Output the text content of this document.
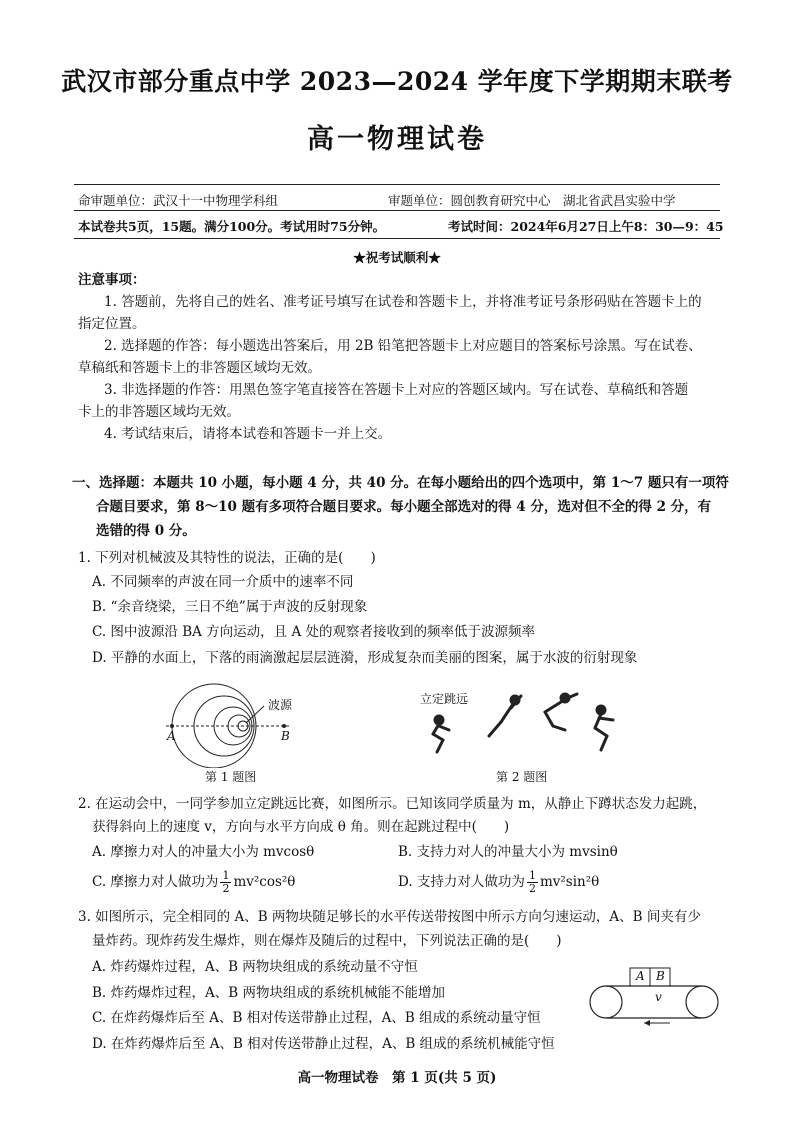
武汉市部分重点中学 2023—2024 学年度下学期期末联考
高一物理试卷
命审题单位：武汉十一中物理学科组	审题单位：圆创教育研究中心　湖北省武昌实验中学
本试卷共5页，15题。满分100分。考试用时75分钟。	考试时间：2024年6月27日上午8：30—9：45
★祝考试顺利★
注意事项：
1. 答题前，先将自己的姓名、准考证号填写在试卷和答题卡上，并将准考证号条形码贴在答题卡上的
指定位置。
2. 选择题的作答：每小题选出答案后，用 2B 铅笔把答题卡上对应题目的答案标号涂黑。写在试卷、
草稿纸和答题卡上的非答题区域均无效。
3. 非选择题的作答：用黑色签字笔直接答在答题卡上对应的答题区域内。写在试卷、草稿纸和答题
卡上的非答题区域均无效。
4. 考试结束后，请将本试卷和答题卡一并上交。
一、选择题：本题共 10 小题，每小题 4 分，共 40 分。在每小题给出的四个选项中，第 1～7 题只有一项符
合题目要求，第 8～10 题有多项符合题目要求。每小题全部选对的得 4 分，选对但不全的得 2 分，有
选错的得 0 分。
1. 下列对机械波及其特性的说法，正确的是(　　)
A. 不同频率的声波在同一介质中的速率不同
B. “余音绕梁，三日不绝”属于声波的反射现象
C. 图中波源沿 BA 方向运动，且 A 处的观察者接收到的频率低于波源频率
D. 平静的水面上，下落的雨滴激起层层涟漪，形成复杂而美丽的图案，属于水波的衍射现象
波源
A	B
第 1 题图
立定跳远
第 2 题图
2. 在运动会中，一同学参加立定跳远比赛，如图所示。已知该同学质量为 m，从静止下蹲状态发力起跳，
获得斜向上的速度 v，方向与水平方向成 θ 角。则在起跳过程中(　　)
A. 摩擦力对人的冲量大小为 mvcosθ	B. 支持力对人的冲量大小为 mvsinθ
C. 摩擦力对人做功为 $\frac{1}{2} mv^2\cos^2\theta$	D. 支持力对人做功为 $\frac{1}{2} mv^2\sin^2\theta$
3. 如图所示，完全相同的 A、B 两物块随足够长的水平传送带按图中所示方向匀速运动，A、B 间夹有少
量炸药。现炸药发生爆炸，则在爆炸及随后的过程中，下列说法正确的是(　　)
A. 炸药爆炸过程，A、B 两物块组成的系统动量不守恒
B. 炸药爆炸过程，A、B 两物块组成的系统机械能不能增加
C. 在炸药爆炸后至 A、B 相对传送带静止过程，A、B 组成的系统动量守恒
D. 在炸药爆炸后至 A、B 相对传送带静止过程，A、B 组成的系统机械能守恒
A B
v
高一物理试卷　第 1 页(共 5 页)
